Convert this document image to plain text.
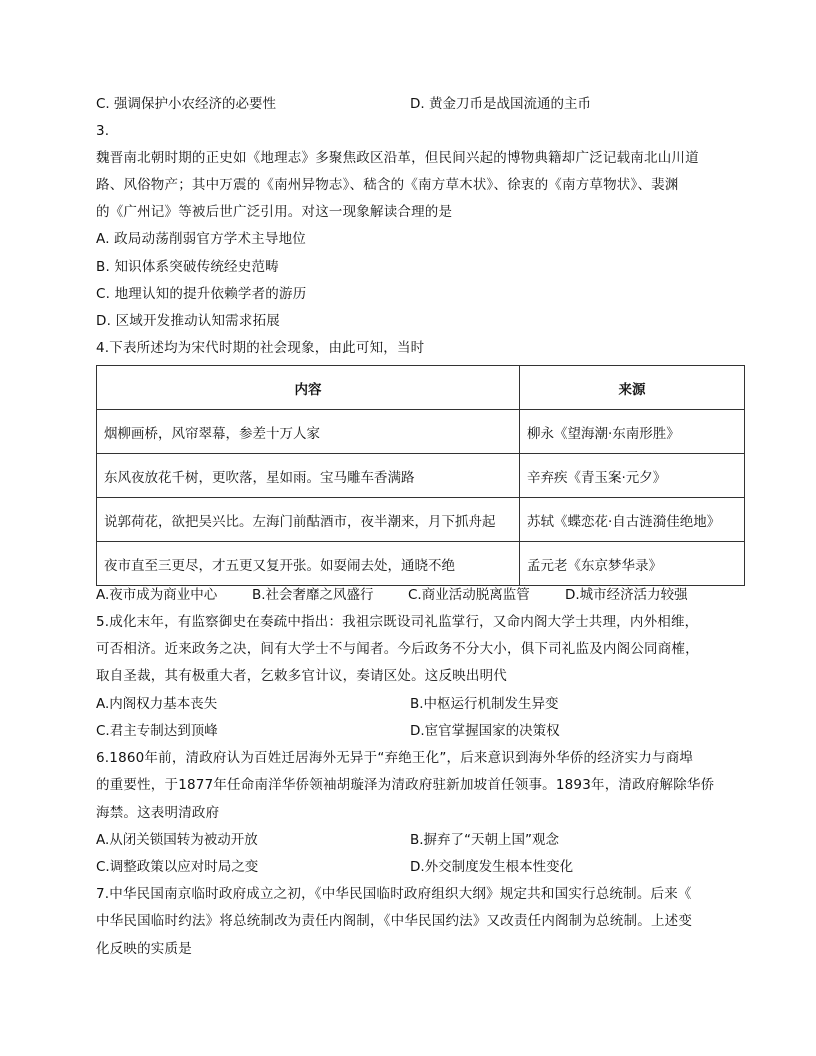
C. 强调保护小农经济的必要性	D. 黄金刀币是战国流通的主币
3.
魏晋南北朝时期的正史如《地理志》多聚焦政区沿革，但民间兴起的博物典籍却广泛记载南北山川道
路、风俗物产；其中万震的《南州异物志》、嵇含的《南方草木状》、徐衷的《南方草物状》、裴渊
的《广州记》等被后世广泛引用。对这一现象解读合理的是
A. 政局动荡削弱官方学术主导地位
B. 知识体系突破传统经史范畴
C. 地理认知的提升依赖学者的游历
D. 区域开发推动认知需求拓展
4.下表所述均为宋代时期的社会现象，由此可知，当时
内容	来源
烟柳画桥，风帘翠幕，参差十万人家	柳永《望海潮·东南形胜》
东风夜放花千树，更吹落，星如雨。宝马雕车香满路	辛弃疾《青玉案·元夕》
说郭荷花，欲把吴兴比。左海门前酤酒市，夜半潮来，月下抓舟起	苏轼《蝶恋花·自古涟漪佳绝地》
夜市直至三更尽，才五更又复开张。如耍闹去处，通晓不绝	孟元老《东京梦华录》
A.夜市成为商业中心	B.社会奢靡之风盛行	C.商业活动脱离监管	D.城市经济活力较强
5.成化末年，有监察御史在奏疏中指出：我祖宗既设司礼监掌行，又命内阁大学士共理，内外相维，
可否相济。近来政务之决，间有大学士不与闻者。今后政务不分大小，俱下司礼监及内阁公同商榷，
取自圣裁，其有极重大者，乞敕多官计议，奏请区处。这反映出明代
A.内阁权力基本丧失	B.中枢运行机制发生异变
C.君主专制达到顶峰	D.宦官掌握国家的决策权
6.1860年前，清政府认为百姓迁居海外无异于“弃绝王化”，后来意识到海外华侨的经济实力与商埠
的重要性，于1877年任命南洋华侨领袖胡璇泽为清政府驻新加坡首任领事。1893年，清政府解除华侨
海禁。这表明清政府
A.从闭关锁国转为被动开放	B.摒弃了“天朝上国”观念
C.调整政策以应对时局之变	D.外交制度发生根本性变化
7.中华民国南京临时政府成立之初，《中华民国临时政府组织大纲》规定共和国实行总统制。后来《
中华民国临时约法》将总统制改为责任内阁制，《中华民国约法》又改责任内阁制为总统制。上述变
化反映的实质是
